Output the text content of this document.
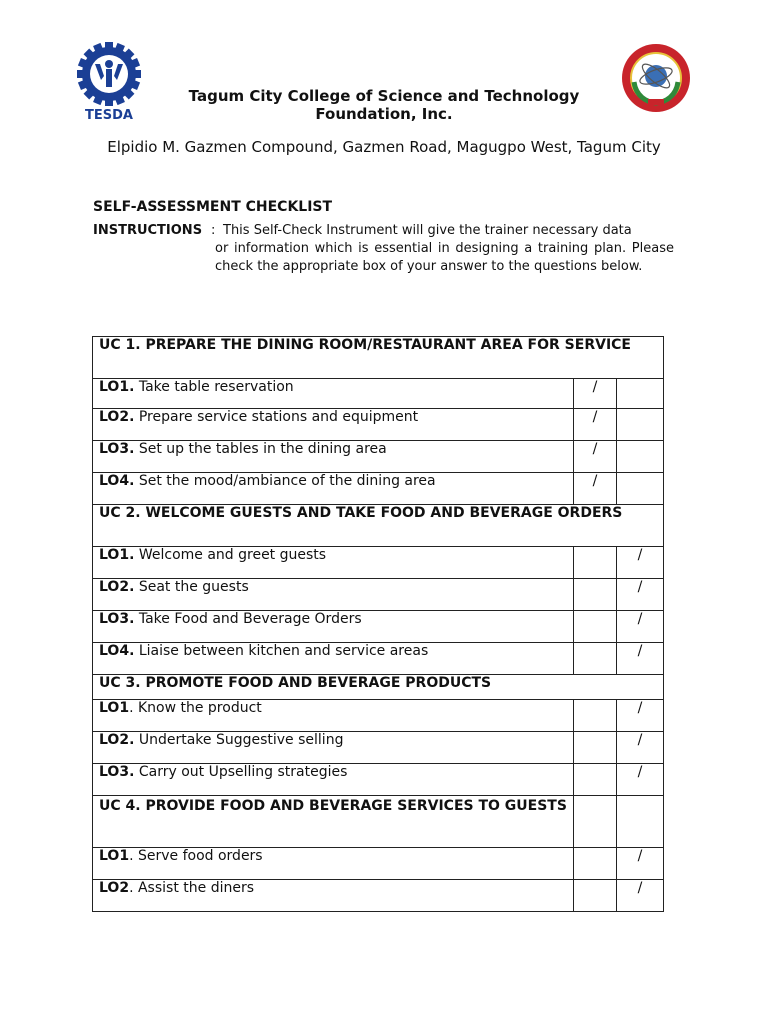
TESDA
Tagum City College of Science and Technology
Foundation, Inc.
Elpidio M. Gazmen Compound, Gazmen Road, Magugpo West, Tagum City
SELF-ASSESSMENT CHECKLIST
INSTRUCTIONS : This Self-Check Instrument will give the trainer necessary data
or information which is essential in designing a training plan. Please check the appropriate box of your answer to the questions below.
UC 1. PREPARE THE DINING ROOM/RESTAURANT AREA FOR SERVICE		
LO1. Take table reservation	/	
LO2. Prepare service stations and equipment	/	
LO3. Set up the tables in the dining area	/	
LO4. Set the mood/ambiance of the dining area	/	
UC 2. WELCOME GUESTS AND TAKE FOOD AND BEVERAGE ORDERS		
LO1. Welcome and greet guests		/
LO2. Seat the guests		/
LO3. Take Food and Beverage Orders		/
LO4. Liaise between kitchen and service areas		/
UC 3. PROMOTE FOOD AND BEVERAGE PRODUCTS		
LO1. Know the product		/
LO2. Undertake Suggestive selling		/
LO3. Carry out Upselling strategies		/
UC 4. PROVIDE FOOD AND BEVERAGE SERVICES TO GUESTS		
LO1. Serve food orders		/
LO2. Assist the diners		/
